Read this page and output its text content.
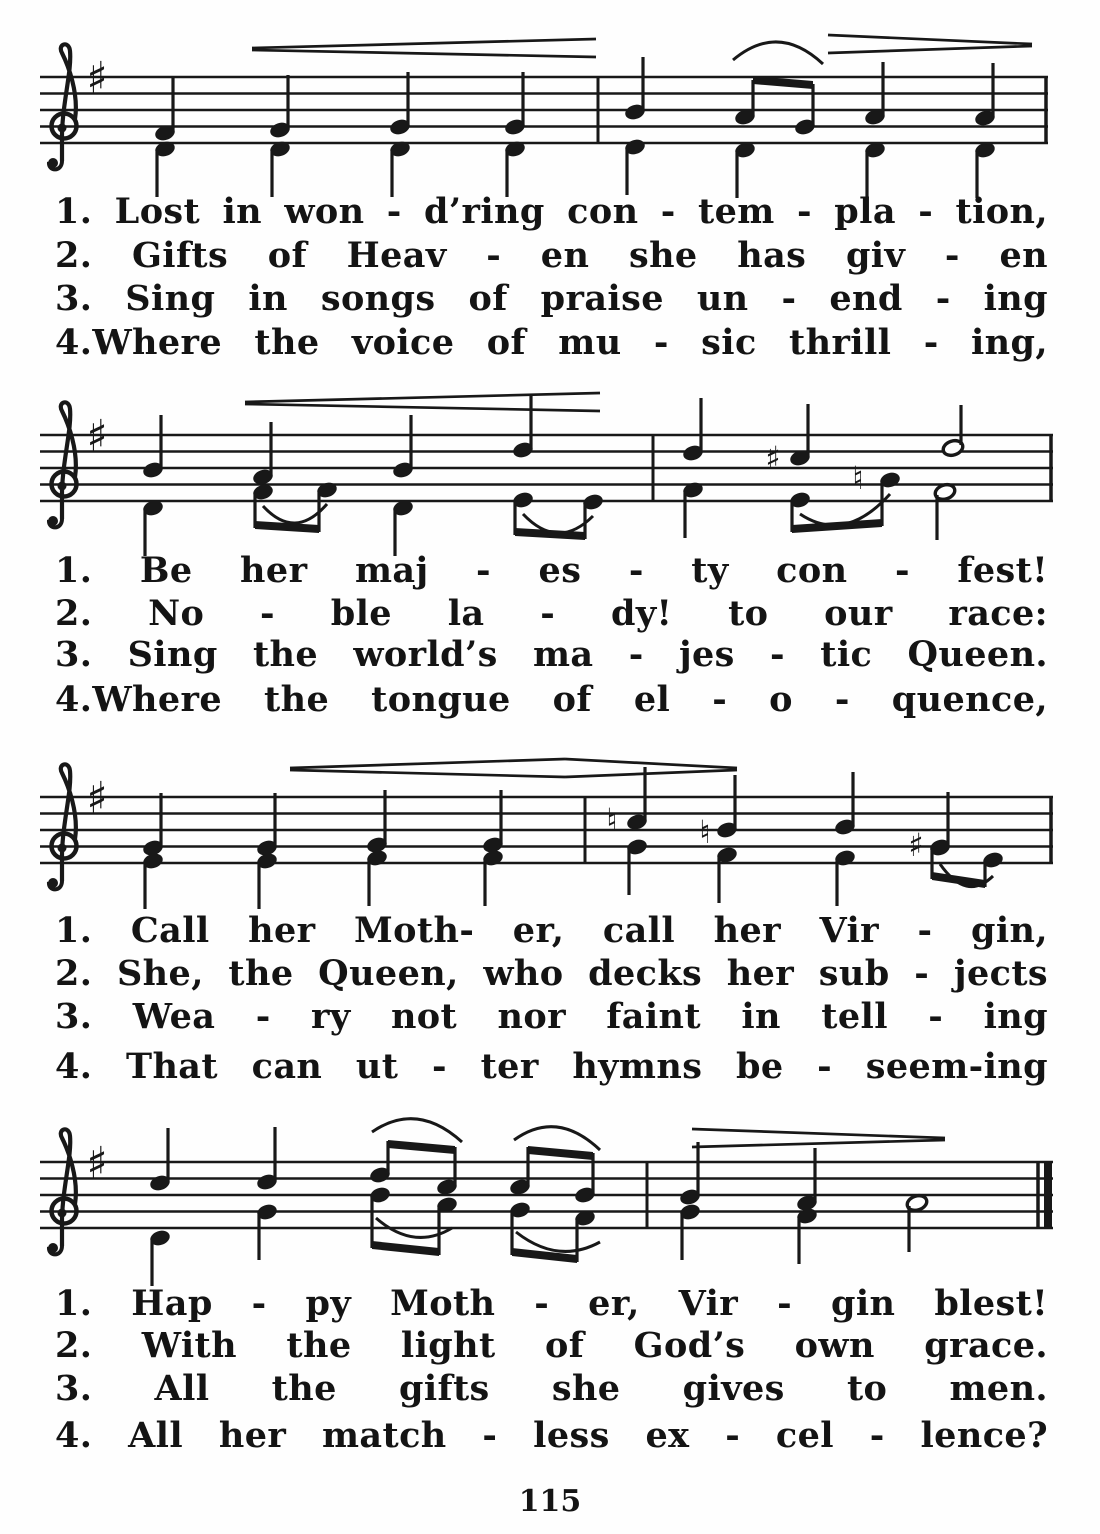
♯
♯	♯
♮
♯	♮	♮	♯
♯
1. Lost in won - d’ring con - tem - pla - tion,
2. Gifts of Heav - en she has giv - en
3. Sing in songs of praise un - end - ing
4.Where the voice of mu - sic thrill - ing,
1. Be her maj - es - ty con - fest!
2. No - ble la - dy! to our race:
3. Sing the world’s ma - jes - tic Queen.
4.Where the tongue of el - o - quence,
1. Call her Moth- er, call her Vir - gin,
2. She, the Queen, who decks her sub - jects
3. Wea - ry not nor faint in tell - ing
4. That can ut - ter hymns be - seem-ing
1. Hap - py Moth - er, Vir - gin blest!
2. With the light of God’s own grace.
3. All the gifts she gives to men.
4. All her match - less ex - cel - lence?
115
